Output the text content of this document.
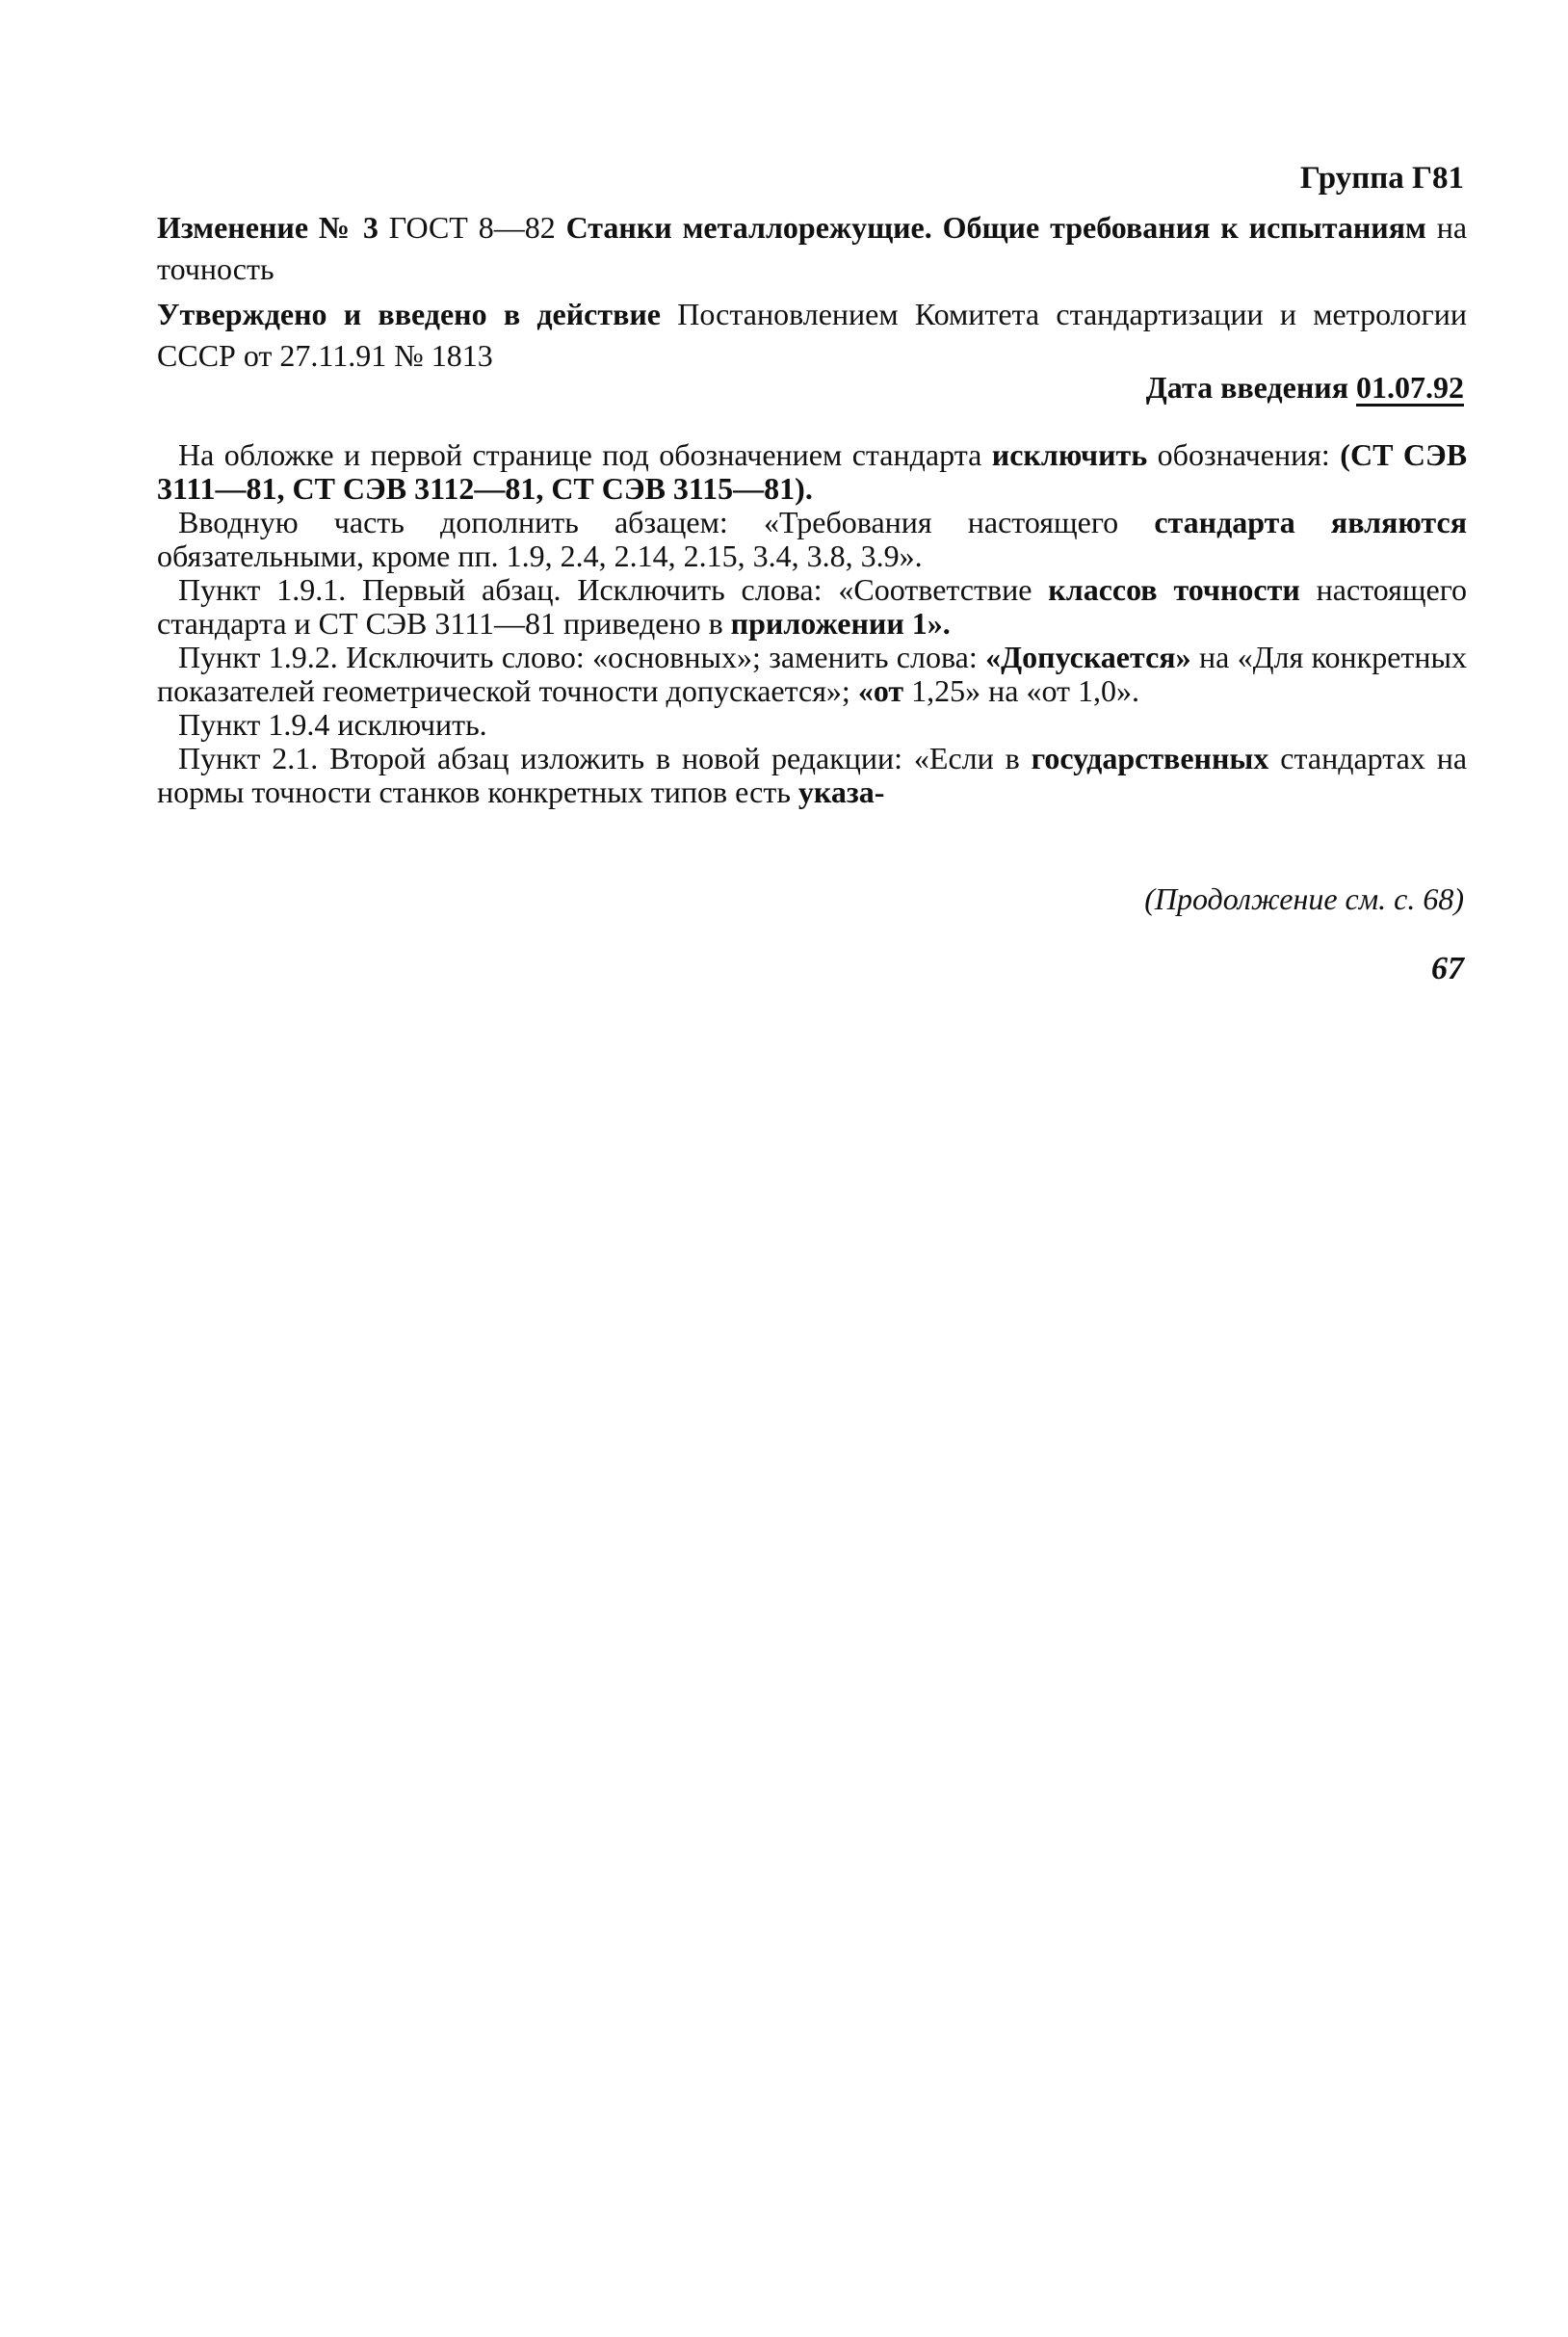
Группа Г81
Изменение № 3 ГОСТ 8—82 Станки металлорежущие. Общие требования к испытаниям на точность
Утверждено и введено в действие Постановлением Комитета стандартизации и метрологии СССР от 27.11.91 № 1813
Дата введения 01.07.92

На обложке и первой странице под обозначением стандарта исключить обозначения: (СТ СЭВ 3111—81, СТ СЭВ 3112—81, СТ СЭВ 3115—81).

Вводную часть дополнить абзацем: «Требования настоящего стандарта являются обязательными, кроме пп. 1.9, 2.4, 2.14, 2.15, 3.4, 3.8, 3.9».

Пункт 1.9.1. Первый абзац. Исключить слова: «Соответствие классов точности настоящего стандарта и СТ СЭВ 3111—81 приведено в приложении 1».

Пункт 1.9.2. Исключить слово: «основных»; заменить слова: «Допускается» на «Для конкретных показателей геометрической точности допускается»; «от 1,25» на «от 1,0».

Пункт 1.9.4 исключить.

Пункт 2.1. Второй абзац изложить в новой редакции: «Если в государственных стандартах на нормы точности станков конкретных типов есть указа-

(Продолжение см. с. 68)
67
